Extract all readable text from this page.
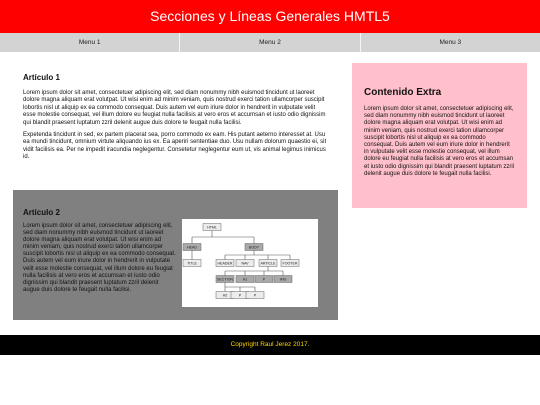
Secciones y Líneas Generales HMTL5
Menu 1	Menu 2	Menu 3
Artículo 1

Lorem ipsum dolor sit amet, consectetuer adipiscing elit, sed diam nonummy nibh euismod tincidunt ut laoreet dolore magna aliquam erat volutpat. Ut wisi enim ad minim veniam, quis nostrud exerci tation ullamcorper suscipit lobortis nisl ut aliquip ex ea commodo consequat. Duis autem vel eum iriure dolor in hendrerit in vulputate velit esse molestie consequat, vel illum dolore eu feugiat nulla facilisis at vero eros et accumsan et iusto odio dignissim qui blandit praesent luptatum zzril delenit augue duis dolore te feugait nulla facilisi.

Expetenda tincidunt in sed, ex partem placerat sea, porro commodo ex eam. His putant aeterno interesset at. Usu ea mundi tincidunt, omnium virtute aliquando ius ex. Ea aperiri sententiae duo. Usu nullam dolorum quaestio ei, sit vidit facilisis ea. Per ne impedit iracundia neglegentur. Consetetur neglegentur eum ut, vis animal legimus inimicus id.

Artículo 2

Lorem ipsum dolor sit amet, consectetuer adipiscing elit, sed diam nonummy nibh euismod tincidunt ut laoreet dolore magna aliquam erat volutpat. Ut wisi enim ad minim veniam, quis nostrud exerci tation ullamcorper suscipit lobortis nisl ut aliquip ex ea commodo consequat. Duis autem vel eum iriure dolor in hendrerit in vulputate velit esse molestie consequat, vel illum dolore eu feugiat nulla facilisis at vero eros et accumsan et iusto odio dignissim qui blandit praesent luptatum zzril delenit augue duis dolore te feugait nulla facilisi.

HTML
HEAD	BODY
TITLE	HEADER NAV	ARTICLE FOOTER
SECTION	H1	P	IMG
H2	P	P
Contenido Extra

Lorem ipsum dolor sit amet, consectetuer adipiscing elit, sed diam nonummy nibh euismod tincidunt ut laoreet dolore magna aliquam erat volutpat. Ut wisi enim ad minim veniam, quis nostrud exerci tation ullamcorper suscipit lobortis nisl ut aliquip ex ea commodo consequat. Duis autem vel eum iriure dolor in hendrerit in vulputate velit esse molestie consequat, vel illum dolore eu feugiat nulla facilisis at vero eros et accumsan et iusto odio dignissim qui blandit praesent luptatum zzril delenit augue duis dolore te feugait nulla facilisi.

Copyright Raul Jerez 2017.
